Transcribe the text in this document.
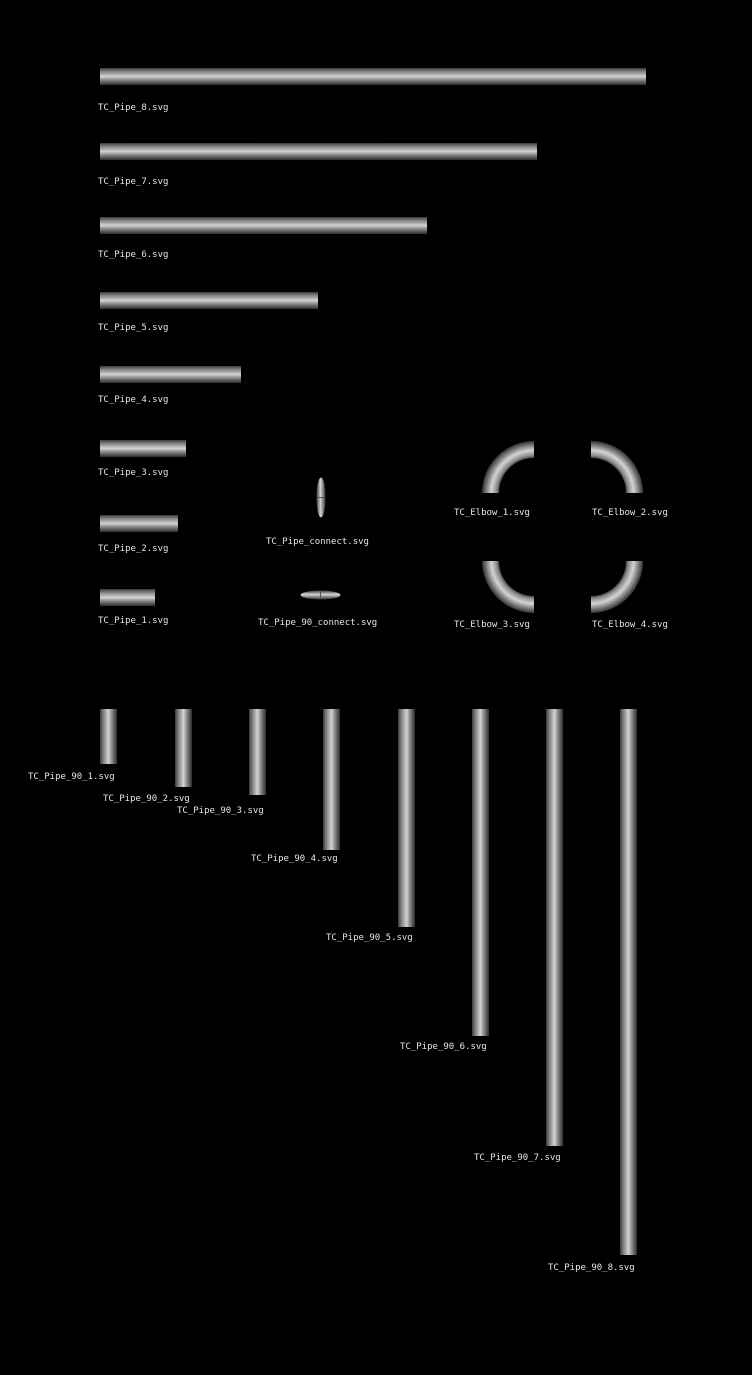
TC_Pipe_8.svg
TC_Pipe_7.svg
TC_Pipe_6.svg
TC_Pipe_5.svg
TC_Pipe_4.svg
TC_Pipe_3.svg
TC_Pipe_2.svg
TC_Pipe_1.svg
TC_Pipe_connect.svg
TC_Pipe_90_connect.svg
TC_Elbow_1.svg	TC_Elbow_2.svg
TC_Elbow_3.svg	TC_Elbow_4.svg
TC_Pipe_90_1.svg
TC_Pipe_90_2.svg
TC_Pipe_90_3.svg
TC_Pipe_90_4.svg
TC_Pipe_90_5.svg
TC_Pipe_90_6.svg
TC_Pipe_90_7.svg
TC_Pipe_90_8.svg
